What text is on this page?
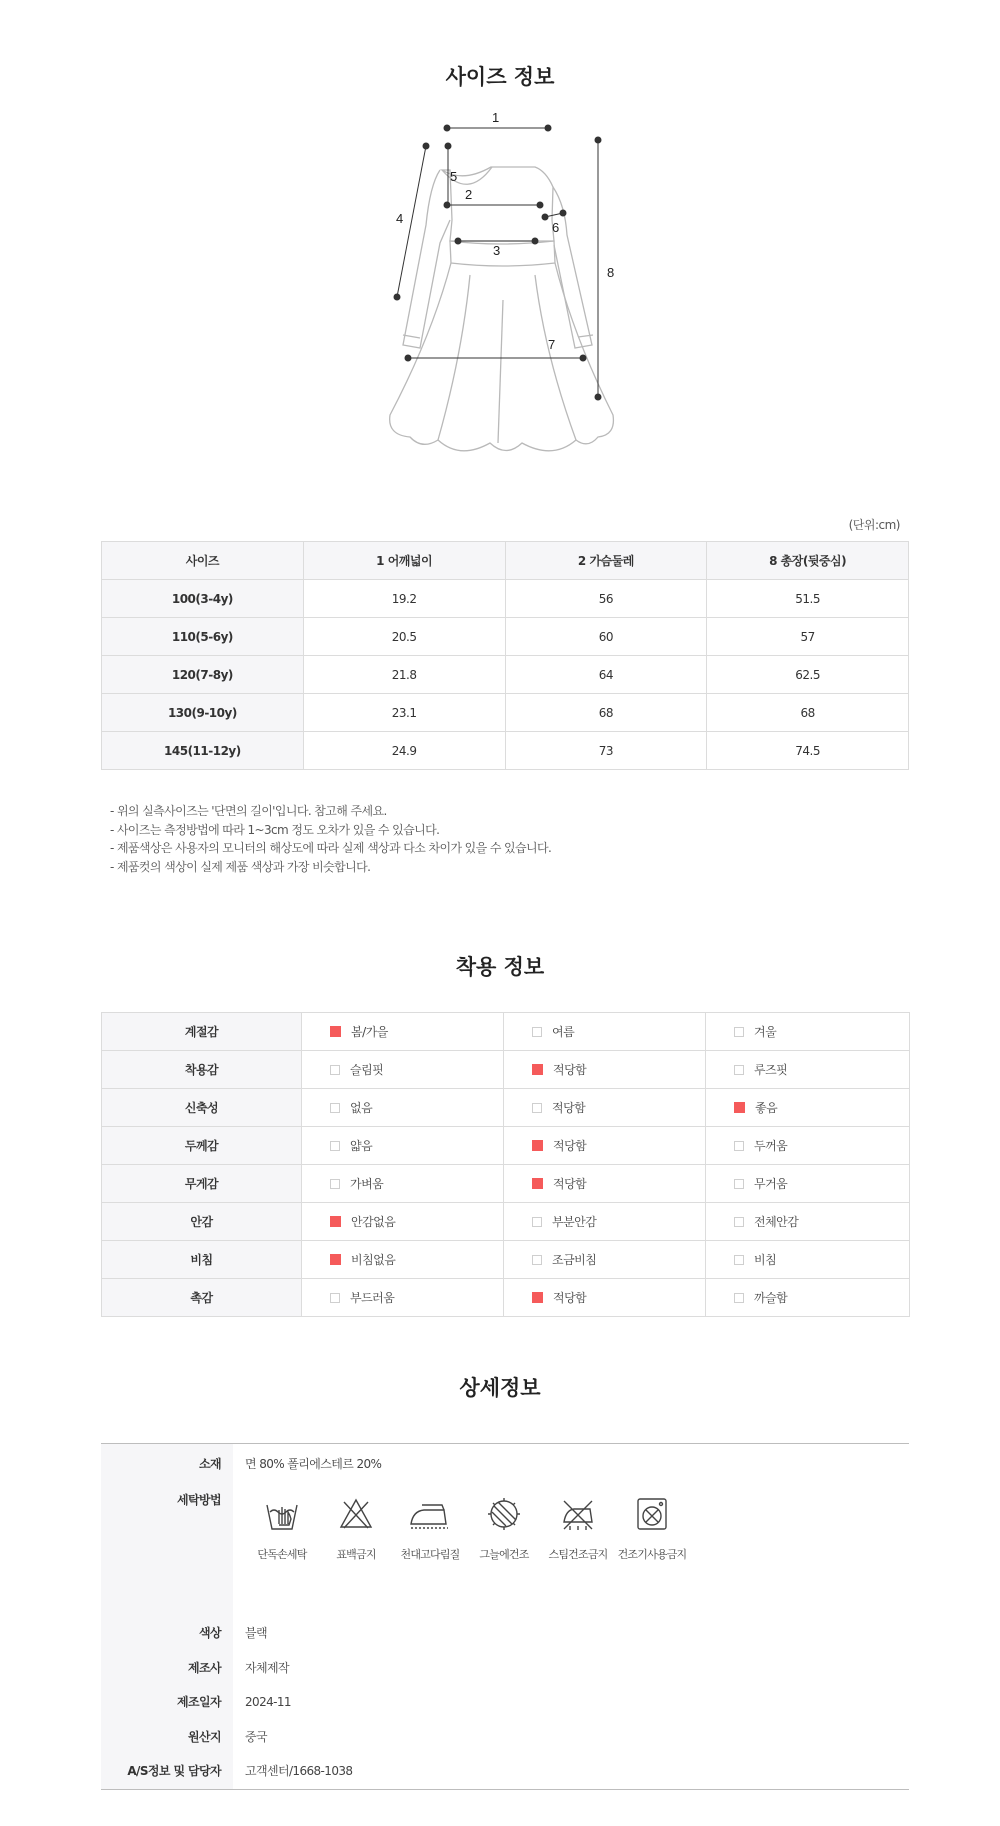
사이즈 정보
1
2
3
4
5
6
7
8
(단위:cm)
사이즈	1 어깨넓이	2 가슴둘레	8 총장(뒷중심)
100(3-4y)	19.2	56	51.5
110(5-6y)	20.5	60	57
120(7-8y)	21.8	64	62.5
130(9-10y)	23.1	68	68
145(11-12y)	24.9	73	74.5
- 위의 실측사이즈는 '단면의 길이'입니다. 참고해 주세요.
- 사이즈는 측정방법에 따라 1~3cm 정도 오차가 있을 수 있습니다.
- 제품색상은 사용자의 모니터의 해상도에 따라 실제 색상과 다소 차이가 있을 수 있습니다.
- 제품컷의 색상이 실제 제품 색상과 가장 비슷합니다.
착용 정보
계절감	봄/가을	여름	겨울
착용감	슬림핏	적당함	루즈핏
신축성	없음	적당함	좋음
두께감	얇음	적당함	두꺼움
무게감	가벼움	적당함	무거움
안감	안감없음	부분안감	전체안감
비침	비침없음	조금비침	비침
촉감	부드러움	적당함	까슬함
상세정보
소재	면 80% 폴리에스테르 20%
세탁방법
단독손세탁	표백금지	천대고다림질	그늘에건조	스팀건조금지 건조기사용금지
색상	블랙
제조사	자체제작
제조일자	2024-11
원산지	중국
A/S정보 및 담당자	고객센터/1668-1038
